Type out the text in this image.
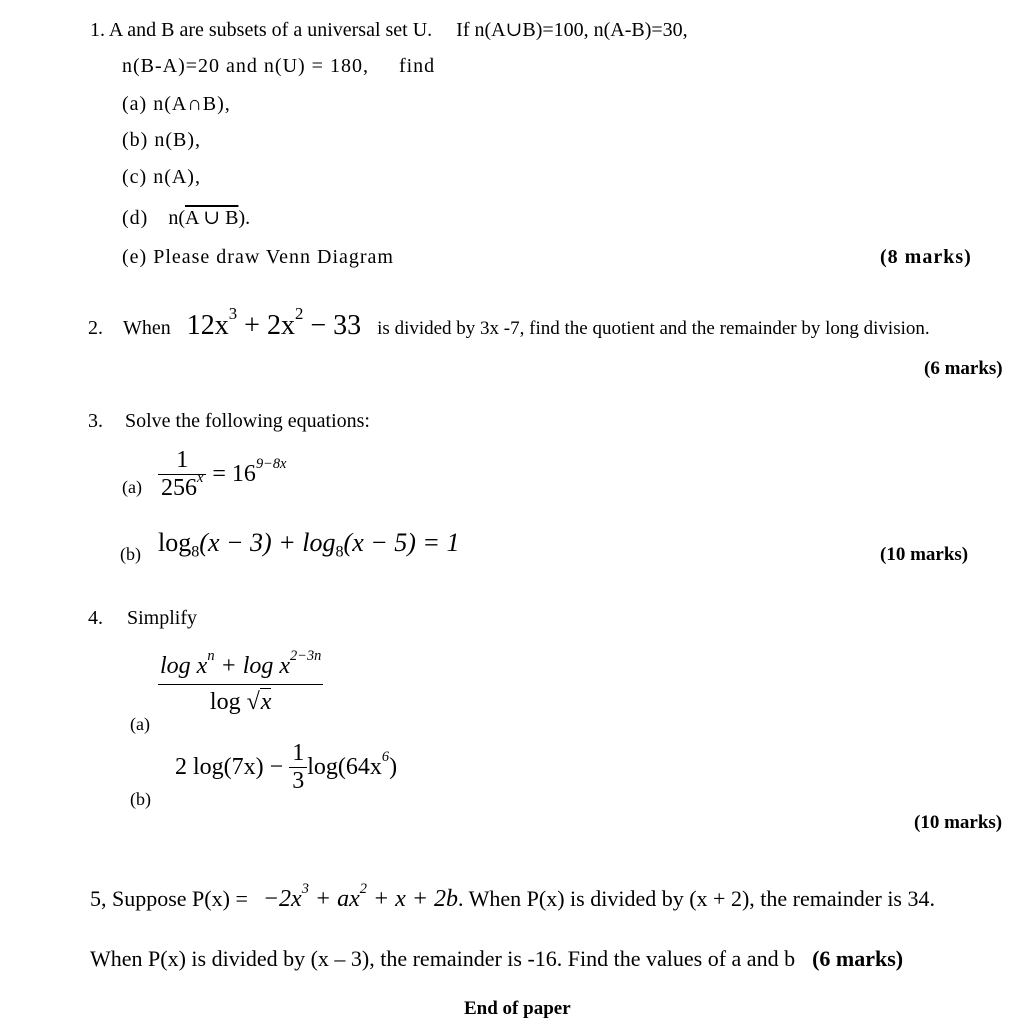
1. A and B are subsets of a universal set U. If n(A∪B)=100, n(A-B)=30,
n(B-A)=20 and n(U) = 180, find
(a) n(A∩B),
(b) n(B),
(c) n(A),
(d) n(A ∪ B).
(e) Please draw Venn Diagram	(8 marks)
2. When $12x^3 + 2x^2 - 33$ is divided by 3x -7, find the quotient and the remainder by long division.
(6 marks)
3. Solve the following equations:
$(a) \frac{1}{256^x} = 16^{9-8x}$
(b) $\log_8(x - 3) + \log_8(x - 5) = 1$	(10 marks)
4. Simplify
$\frac{\log x^n + \log x^{2-3n}}{\log √x}$
(a)
2 $\log(7x) - \frac{1}{3} \log(64x^6)$
(b)
(10 marks)
5, Suppose $P(x) = -2x^3 + ax^2 + x + 2b$. When P(x) is divided by (x + 2), the remainder is 34.
When P(x) is divided by (x – 3), the remainder is -16. Find the values of a and b (6 marks)
End of paper
